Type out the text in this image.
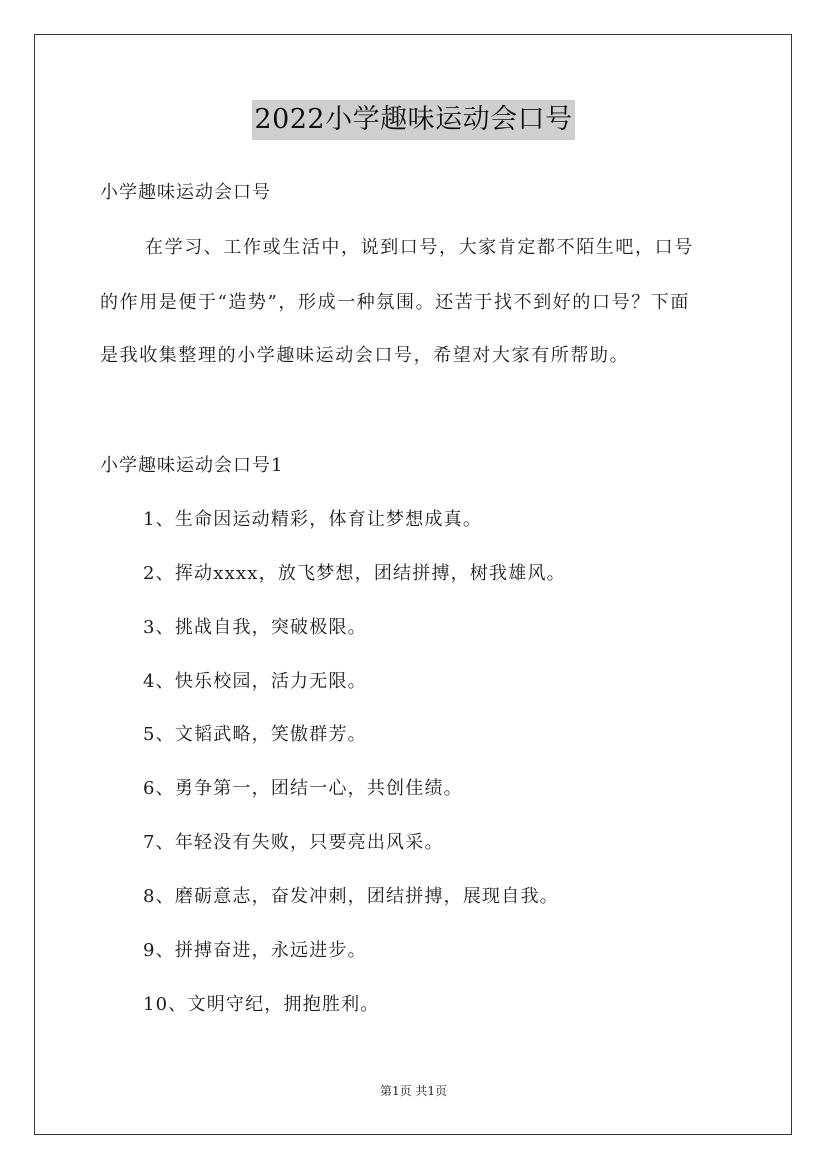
2022小学趣味运动会口号
小学趣味运动会口号
在学习、工作或生活中，说到口号，大家肯定都不陌生吧，口号
的作用是便于“造势”，形成一种氛围。还苦于找不到好的口号？下面
是我收集整理的小学趣味运动会口号，希望对大家有所帮助。
小学趣味运动会口号1
1、生命因运动精彩，体育让梦想成真。
2、挥动xxxx，放飞梦想，团结拼搏，树我雄风。
3、挑战自我，突破极限。
4、快乐校园，活力无限。
5、文韬武略，笑傲群芳。
6、勇争第一，团结一心，共创佳绩。
7、年轻没有失败，只要亮出风采。
8、磨砺意志，奋发冲刺，团结拼搏，展现自我。
9、拼搏奋进，永远进步。
10、文明守纪，拥抱胜利。
第1页 共1页
